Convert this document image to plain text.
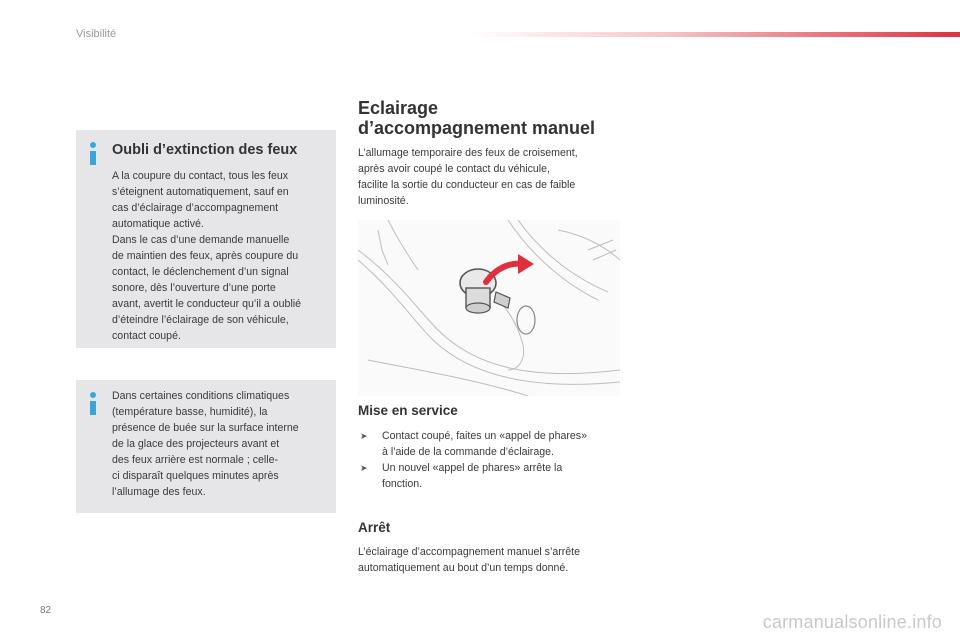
Visibilité
Oubli d’extinction des feux

A la coupure du contact, tous les feux
s’éteignent automatiquement, sauf en
cas d’éclairage d’accompagnement
automatique activé.
Dans le cas d’une demande manuelle
de maintien des feux, après coupure du
contact, le déclenchement d’un signal
sonore, dès l’ouverture d’une porte
avant, avertit le conducteur qu’il a oublié
d’éteindre l’éclairage de son véhicule,
contact coupé.

Dans certaines conditions climatiques
(température basse, humidité), la
présence de buée sur la surface interne
de la glace des projecteurs avant et
des feux arrière est normale ; celle-
ci disparaît quelques minutes après
l’allumage des feux.

Eclairage
d’accompagnement manuel

L’allumage temporaire des feux de croisement,
après avoir coupé le contact du véhicule,
facilite la sortie du conducteur en cas de faible
luminosité.

Mise en service
➤ Contact coupé, faites un «appel de phares»
à l’aide de la commande d’éclairage.
➤ Un nouvel «appel de phares» arrête la
fonction.
Arrêt

L’éclairage d’accompagnement manuel s’arrête
automatiquement au bout d’un temps donné.

82
carmanualsonline.info
